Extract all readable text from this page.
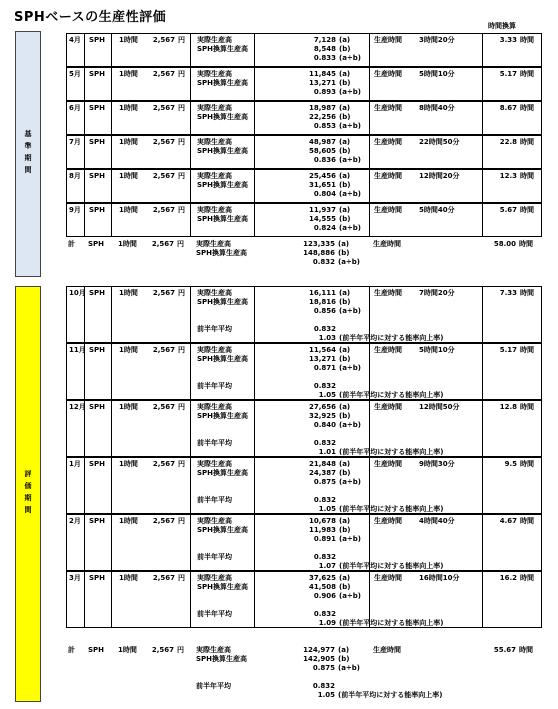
SPHベースの生産性評価
時間換算
基準期間
評価期間
4月 SPH 1時間	2,567 円 実際生産高
SPH換算生産高
7,128 (a)
8,548 (b)
0.833 (a÷b)
生産時間 3時間20分	3.33 時間
5月 SPH 1時間	2,567 円 実際生産高
SPH換算生産高
11,845 (a)
13,271 (b)
0.893 (a÷b)
生産時間 5時間10分	5.17 時間
6月 SPH 1時間	2,567 円 実際生産高
SPH換算生産高
18,987 (a)
22,256 (b)
0.853 (a÷b)
生産時間 8時間40分	8.67 時間
7月 SPH 1時間	2,567 円 実際生産高
SPH換算生産高
48,987 (a)
58,605 (b)
0.836 (a÷b)
生産時間 22時間50分	22.8 時間
8月 SPH 1時間	2,567 円 実際生産高
SPH換算生産高
25,456 (a)
31,651 (b)
0.804 (a÷b)
生産時間 12時間20分	12.3 時間
9月 SPH 1時間	2,567 円 実際生産高
SPH換算生産高
11,937 (a)
14,555 (b)
0.824 (a÷b)
生産時間 5時間40分	5.67 時間
計 SPH 1時間	2,567 円 実際生産高
SPH換算生産高
123,335 (a)
148,886 (b)
0.832 (a÷b)
生産時間	58.00 時間
10月 SPH 1時間	2,567 円 実際生産高
SPH換算生産高
16,111 (a)
18,816 (b)
0.856 (a÷b)
生産時間 7時間20分	7.33 時間
前半年平均	0.832
1.03 (前半年平均に対する能率向上率)
11月 SPH 1時間	2,567 円 実際生産高
SPH換算生産高
11,564 (a)
13,271 (b)
0.871 (a÷b)
生産時間 5時間10分	5.17 時間
前半年平均	0.832
1.05 (前半年平均に対する能率向上率)
12月 SPH 1時間	2,567 円 実際生産高
SPH換算生産高
27,656 (a)
32,925 (b)
0.840 (a÷b)
生産時間 12時間50分	12.8 時間
前半年平均	0.832
1.01 (前半年平均に対する能率向上率)
1月 SPH 1時間	2,567 円 実際生産高
SPH換算生産高
21,848 (a)
24,387 (b)
0.875 (a÷b)
生産時間 9時間30分	9.5 時間
前半年平均	0.832
1.05 (前半年平均に対する能率向上率)
2月 SPH 1時間	2,567 円 実際生産高
SPH換算生産高
10,678 (a)
11,983 (b)
0.891 (a÷b)
生産時間 4時間40分	4.67 時間
前半年平均	0.832
1.07 (前半年平均に対する能率向上率)
3月 SPH 1時間	2,567 円 実際生産高
SPH換算生産高
37,625 (a)
41,508 (b)
0.906 (a÷b)
生産時間 16時間10分	16.2 時間
前半年平均	0.832
1.09 (前半年平均に対する能率向上率)
計 SPH 1時間	2,567 円 実際生産高
SPH換算生産高
124,977 (a)
142,905 (b)
0.875 (a÷b)
生産時間	55.67 時間
前半年平均	0.832
1.05 (前半年平均に対する能率向上率)
